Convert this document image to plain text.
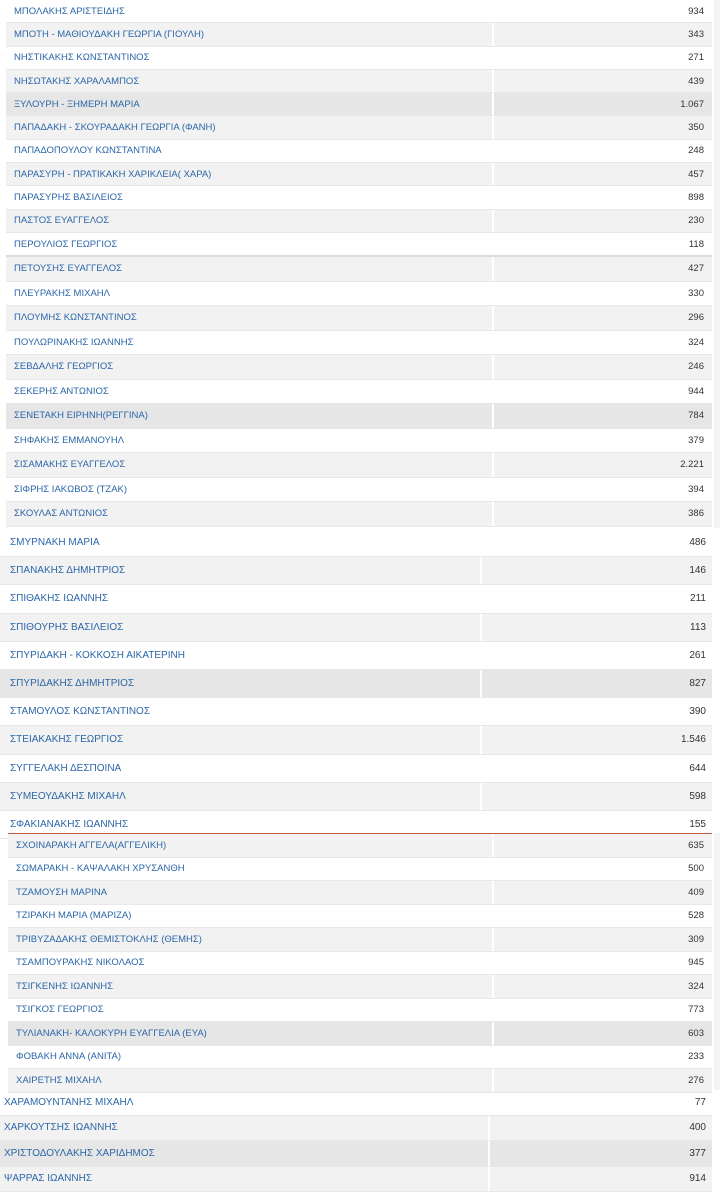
ΜΠΟΛΑΚΗΣ ΑΡΙΣΤΕΙΔΗΣ	934
ΜΠΟΤΗ - ΜΑΘΙΟΥΔΑΚΗ ΓΕΩΡΓΙΑ (ΓΙΟΥΛΗ)	343
ΝΗΣΤΙΚΑΚΗΣ ΚΩΝΣΤΑΝΤΙΝΟΣ	271
ΝΗΣΩΤΑΚΗΣ ΧΑΡΑΛΑΜΠΟΣ	439
ΞΥΛΟΥΡΗ - ΞΗΜΕΡΗ ΜΑΡΙΑ	1.067
ΠΑΠΑΔΑΚΗ - ΣΚΟΥΡΑΔΑΚΗ ΓΕΩΡΓΙΑ (ΦΑΝΗ)	350
ΠΑΠΑΔΟΠΟΥΛΟΥ ΚΩΝΣΤΑΝΤΙΝΑ	248
ΠΑΡΑΣΥΡΗ - ΠΡΑΤΙΚΑΚΗ ΧΑΡΙΚΛΕΙΑ( ΧΑΡΑ)	457
ΠΑΡΑΣΥΡΗΣ ΒΑΣΙΛΕΙΟΣ	898
ΠΑΣΤΟΣ ΕΥΑΓΓΕΛΟΣ	230
ΠΕΡΟΥΛΙΟΣ ΓΕΩΡΓΙΟΣ	118
ΠΕΤΟΥΣΗΣ ΕΥΑΓΓΕΛΟΣ	427
ΠΛΕΥΡΑΚΗΣ ΜΙΧΑΗΛ	330
ΠΛΟΥΜΗΣ ΚΩΝΣΤΑΝΤΙΝΟΣ	296
ΠΟΥΛΩΡΙΝΑΚΗΣ ΙΩΑΝΝΗΣ	324
ΣΕΒΔΑΛΗΣ ΓΕΩΡΓΙΟΣ	246
ΣΕΚΕΡΗΣ ΑΝΤΩΝΙΟΣ	944
ΣΕΝΕΤΑΚΗ ΕΙΡΗΝΗ(ΡΕΓΓΙΝΑ)	784
ΣΗΦΑΚΗΣ ΕΜΜΑΝΟΥΗΛ	379
ΣΙΣΑΜΑΚΗΣ ΕΥΑΓΓΕΛΟΣ	2.221
ΣΙΦΡΗΣ ΙΑΚΩΒΟΣ (ΤΖΑΚ)	394
ΣΚΟΥΛΑΣ ΑΝΤΩΝΙΟΣ	386
ΣΜΥΡΝΑΚΗ ΜΑΡΙΑ	486
ΣΠΑΝΑΚΗΣ ΔΗΜΗΤΡΙΟΣ	146
ΣΠΙΘΑΚΗΣ ΙΩΑΝΝΗΣ	211
ΣΠΙΘΟΥΡΗΣ ΒΑΣΙΛΕΙΟΣ	113
ΣΠΥΡΙΔΑΚΗ - ΚΟΚΚΟΣΗ ΑΙΚΑΤΕΡΙΝΗ	261
ΣΠΥΡΙΔΑΚΗΣ ΔΗΜΗΤΡΙΟΣ	827
ΣΤΑΜΟΥΛΟΣ ΚΩΝΣΤΑΝΤΙΝΟΣ	390
ΣΤΕΙΑΚΑΚΗΣ ΓΕΩΡΓΙΟΣ	1.546
ΣΥΓΓΕΛΑΚΗ ΔΕΣΠΟΙΝΑ	644
ΣΥΜΕΟΥΔΑΚΗΣ ΜΙΧΑΗΛ	598
ΣΦΑΚΙΑΝΑΚΗΣ ΙΩΑΝΝΗΣ	155
ΣΧΟΙΝΑΡΑΚΗ ΑΓΓΕΛΑ(ΑΓΓΕΛΙΚΗ)	635
ΣΩΜΑΡΑΚΗ - ΚΑΨΑΛΑΚΗ ΧΡΥΣΑΝΘΗ	500
ΤΖΑΜΟΥΣΗ ΜΑΡΙΝΑ	409
ΤΖΙΡΑΚΗ ΜΑΡΙΑ (ΜΑΡΙΖΑ)	528
ΤΡΙΒΥΖΑΔΑΚΗΣ ΘΕΜΙΣΤΟΚΛΗΣ (ΘΕΜΗΣ)	309
ΤΣΑΜΠΟΥΡΑΚΗΣ ΝΙΚΟΛΑΟΣ	945
ΤΣΙΓΚΕΝΗΣ ΙΩΑΝΝΗΣ	324
ΤΣΙΓΚΟΣ ΓΕΩΡΓΙΟΣ	773
ΤΥΛΙΑΝΑΚΗ- ΚΑΛΟΚΥΡΗ ΕΥΑΓΓΕΛΙΑ (ΕΥΑ)	603
ΦΟΒΑΚΗ ΑΝΝΑ (ΑΝΙΤΑ)	233
ΧΑΙΡΕΤΗΣ ΜΙΧΑΗΛ	276
ΧΑΡΑΜΟΥΝΤΑΝΗΣ ΜΙΧΑΗΛ	77
ΧΑΡΚΟΥΤΣΗΣ ΙΩΑΝΝΗΣ	400
ΧΡΙΣΤΟΔΟΥΛΑΚΗΣ ΧΑΡΙΔΗΜΟΣ	377
ΨΑΡΡΑΣ ΙΩΑΝΝΗΣ	914
